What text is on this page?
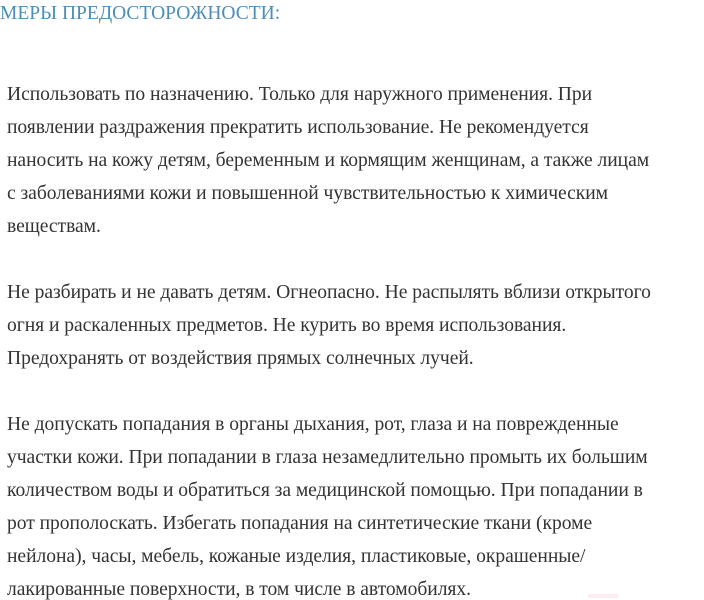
МЕРЫ ПРЕДОСТОРОЖНОСТИ:

Использовать по назначению. Только для наружного применения. При
появлении раздражения прекратить использование. Не рекомендуется
наносить на кожу детям, беременным и кормящим женщинам, а также лицам
с заболеваниями кожи и повышенной чувствительностью к химическим
веществам.

Не разбирать и не давать детям. Огнеопасно. Не распылять вблизи открытого
огня и раскаленных предметов. Не курить во время использования.
Предохранять от воздействия прямых солнечных лучей.

Не допускать попадания в органы дыхания, рот, глаза и на поврежденные
участки кожи. При попадании в глаза незамедлительно промыть их большим
количеством воды и обратиться за медицинской помощью. При попадании в
рот прополоскать. Избегать попадания на синтетические ткани (кроме
нейлона), часы, мебель, кожаные изделия, пластиковые, окрашенные/
лакированные поверхности, в том числе в автомобилях.
